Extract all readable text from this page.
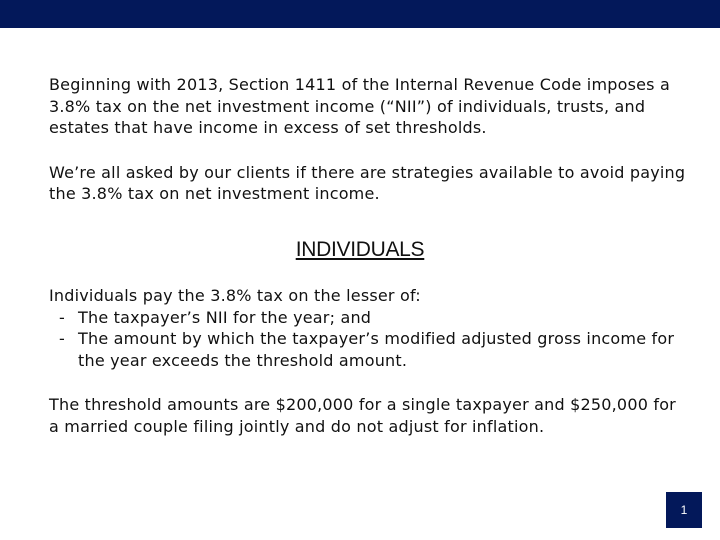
Beginning with 2013, Section 1411 of the Internal Revenue Code imposes a 3.8% tax on the net investment income (“NII”) of individuals, trusts, and estates that have income in excess of set thresholds.

We’re all asked by our clients if there are strategies available to avoid paying the 3.8% tax on net investment income.

INDIVIDUALS

Individuals pay the 3.8% tax on the lesser of:

- The taxpayer’s NII for the year; and
- The amount by which the taxpayer’s modified adjusted gross income for the year exceeds the threshold amount.

The threshold amounts are $200,000 for a single taxpayer and $250,000 for a married couple filing jointly and do not adjust for inflation.

1
